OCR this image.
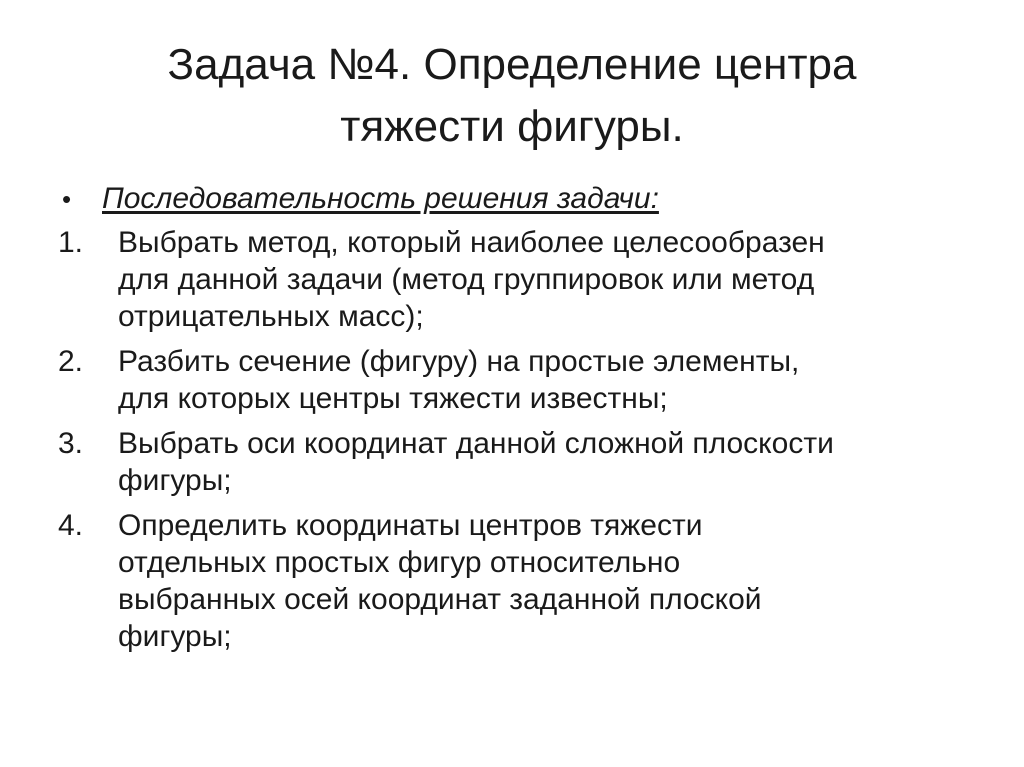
Задача №4. Определение центра
тяжести фигуры.
•	Последовательность решения задачи:
1.	Выбрать метод, который наиболее целесообразен
для данной задачи (метод группировок или метод
отрицательных масс);
2.	Разбить сечение (фигуру) на простые элементы,
для которых центры тяжести известны;
3.	Выбрать оси координат данной сложной плоскости
фигуры;
4.	Определить координаты центров тяжести
отдельных простых фигур относительно
выбранных осей координат заданной плоской
фигуры;
